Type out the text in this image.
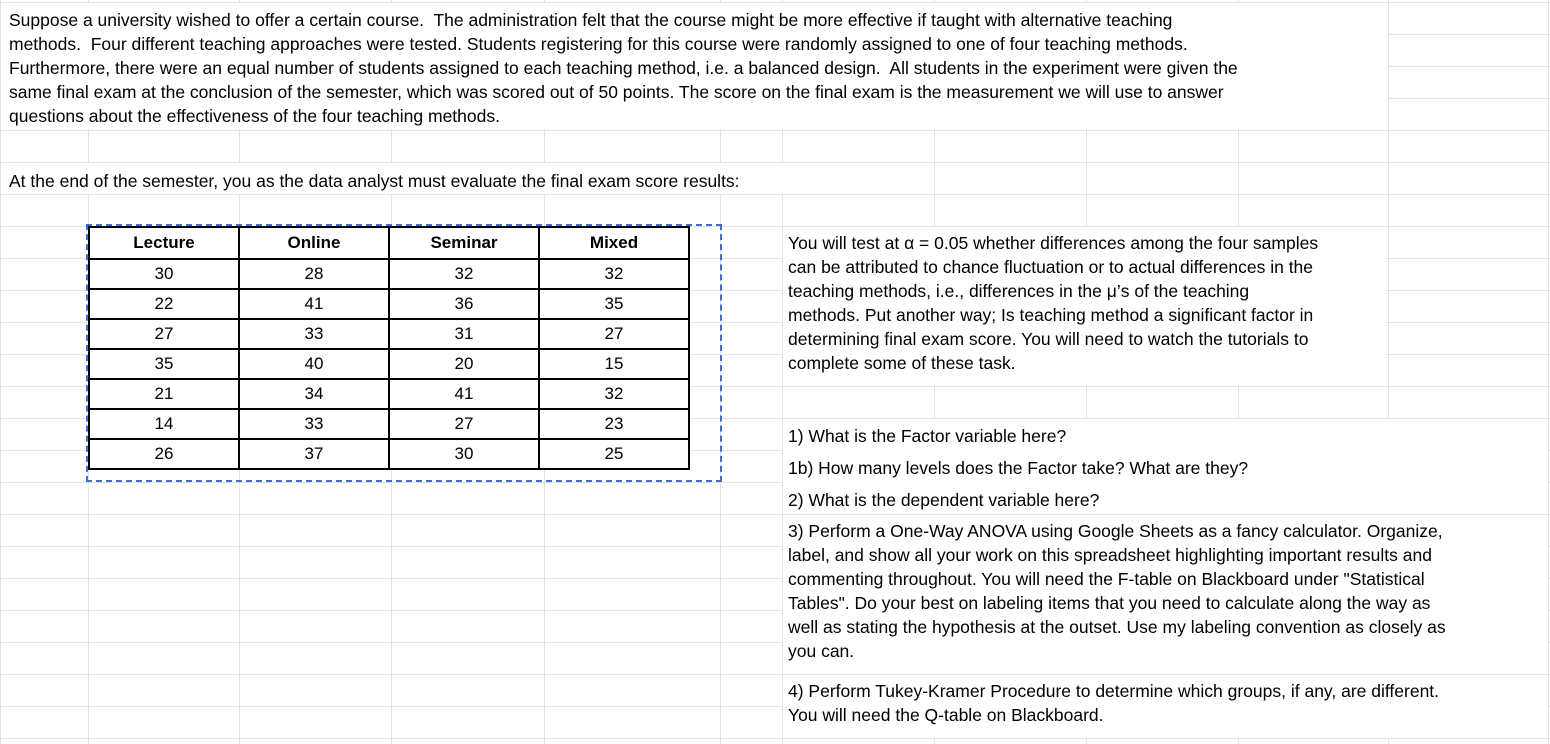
Suppose a university wished to offer a certain course.  The administration felt that the course might be more effective if taught with alternative teaching
methods.  Four different teaching approaches were tested. Students registering for this course were randomly assigned to one of four teaching methods.
Furthermore, there were an equal number of students assigned to each teaching method, i.e. a balanced design.  All students in the experiment were given the
same final exam at the conclusion of the semester, which was scored out of 50 points. The score on the final exam is the measurement we will use to answer
questions about the effectiveness of the four teaching methods.
At the end of the semester, you as the data analyst must evaluate the final exam score results:
Lecture	Online	Seminar	Mixed
30	28	32	32
22	41	36	35
27	33	31	27
35	40	20	15
21	34	41	32
14	33	27	23
26	37	30	25
You will test at α = 0.05 whether differences among the four samples
can be attributed to chance fluctuation or to actual differences in the
teaching methods, i.e., differences in the μ’s of the teaching
methods. Put another way; Is teaching method a significant factor in
determining final exam score. You will need to watch the tutorials to
complete some of these task.
1) What is the Factor variable here?
1b) How many levels does the Factor take? What are they?
2) What is the dependent variable here?
3) Perform a One-Way ANOVA using Google Sheets as a fancy calculator. Organize,
label, and show all your work on this spreadsheet highlighting important results and
commenting throughout. You will need the F-table on Blackboard under "Statistical
Tables". Do your best on labeling items that you need to calculate along the way as
well as stating the hypothesis at the outset. Use my labeling convention as closely as
you can.
4) Perform Tukey-Kramer Procedure to determine which groups, if any, are different.
You will need the Q-table on Blackboard.
